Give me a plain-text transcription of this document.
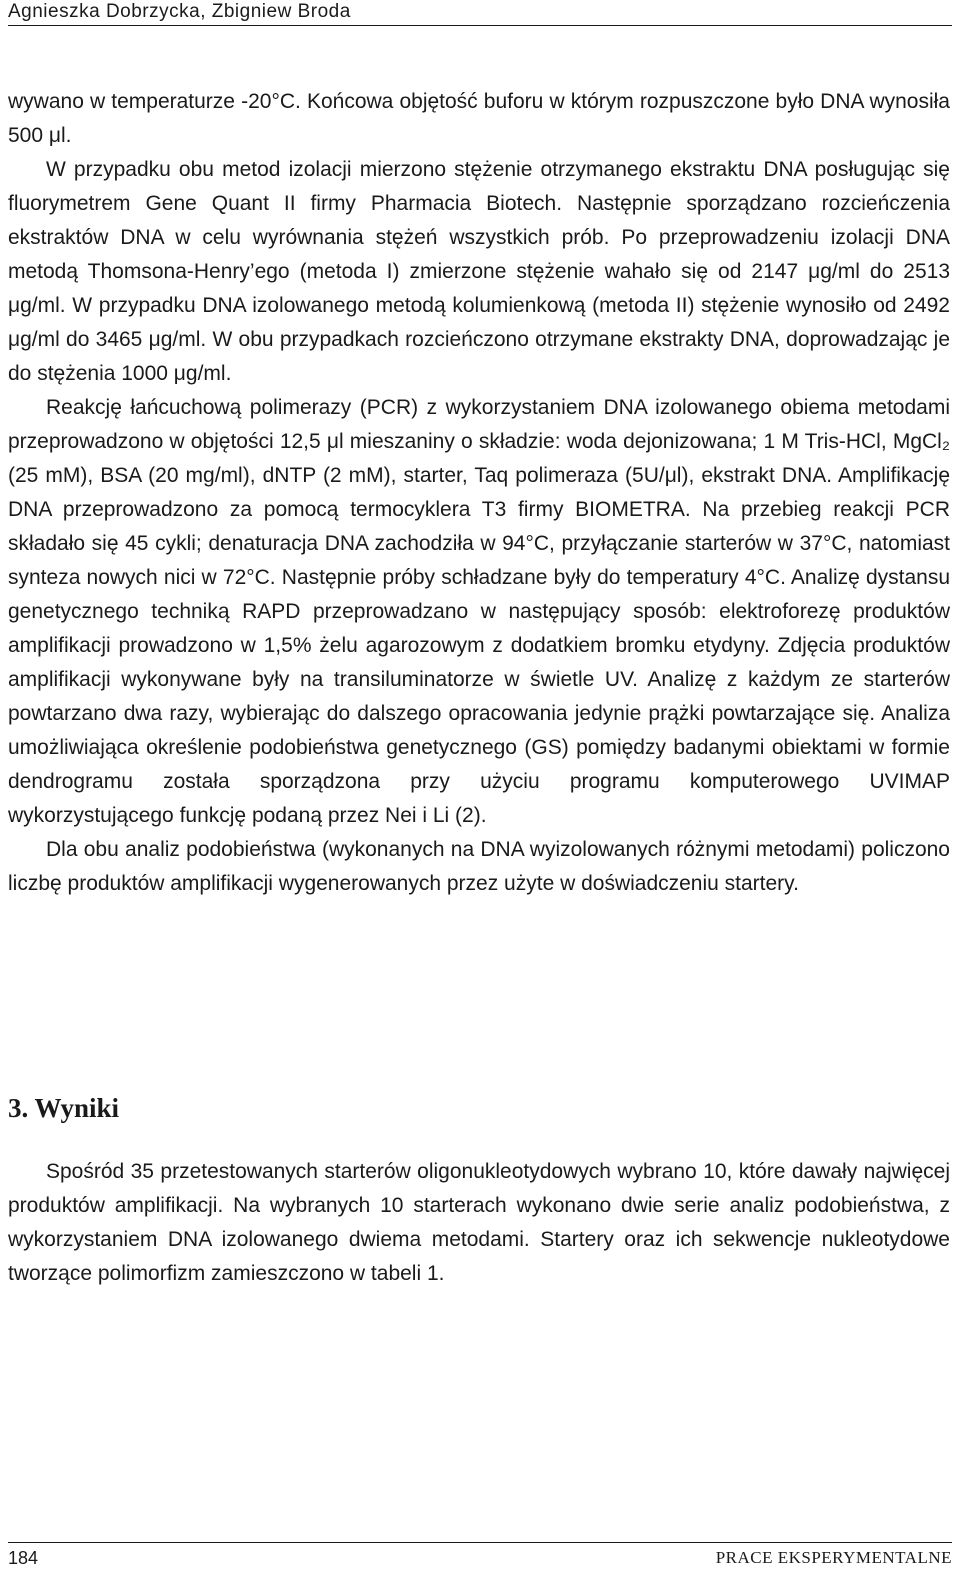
Agnieszka Dobrzycka, Zbigniew Broda

wywano w temperaturze -20°C. Końcowa objętość buforu w którym rozpuszczone było DNA wynosiła 500 μl.

W przypadku obu metod izolacji mierzono stężenie otrzymanego ekstraktu DNA posługując się fluorymetrem Gene Quant II firmy Pharmacia Biotech. Następnie sporządzano rozcieńczenia ekstraktów DNA w celu wyrównania stężeń wszystkich prób. Po przeprowadzeniu izolacji DNA metodą Thomsona-Henry’ego (metoda I) zmierzone stężenie wahało się od 2147 μg/ml do 2513 μg/ml. W przypadku DNA izolowanego metodą kolumienkową (metoda II) stężenie wynosiło od 2492 μg/ml do 3465 μg/ml. W obu przypadkach rozcieńczono otrzymane ekstrakty DNA, doprowadzając je do stężenia 1000 μg/ml.

Reakcję łańcuchową polimerazy (PCR) z wykorzystaniem DNA izolowanego obiema metodami przeprowadzono w objętości 12,5 μl mieszaniny o składzie: woda dejonizowana; 1 M Tris-HCl, MgCl₂ (25 mM), BSA (20 mg/ml), dNTP (2 mM), starter, Taq polimeraza (5U/μl), ekstrakt DNA. Amplifikację DNA przeprowadzono za pomocą termocyklera T3 firmy BIOMETRA. Na przebieg reakcji PCR składało się 45 cykli; denaturacja DNA zachodziła w 94°C, przyłączanie starterów w 37°C, natomiast synteza nowych nici w 72°C. Następnie próby schładzane były do temperatury 4°C. Analizę dystansu genetycznego techniką RAPD przeprowadzano w następujący sposób: elektroforezę produktów amplifikacji prowadzono w 1,5% żelu agarozowym z dodatkiem bromku etydyny. Zdjęcia produktów amplifikacji wykonywane były na transiluminatorze w świetle UV. Analizę z każdym ze starterów powtarzano dwa razy, wybierając do dalszego opracowania jedynie prążki powtarzające się. Analiza umożliwiająca określenie podobieństwa genetycznego (GS) pomiędzy badanymi obiektami w formie dendrogramu została sporządzona przy użyciu programu komputerowego UVIMAP wykorzystującego funkcję podaną przez Nei i Li (2).

Dla obu analiz podobieństwa (wykonanych na DNA wyizolowanych różnymi metodami) policzono liczbę produktów amplifikacji wygenerowanych przez użyte w doświadczeniu startery.

3. Wyniki

Spośród 35 przetestowanych starterów oligonukleotydowych wybrano 10, które dawały najwięcej produktów amplifikacji. Na wybranych 10 starterach wykonano dwie serie analiz podobieństwa, z wykorzystaniem DNA izolowanego dwiema metodami. Startery oraz ich sekwencje nukleotydowe tworzące polimorfizm zamieszczono w tabeli 1.

184	PRACE EKSPERYMENTALNE
